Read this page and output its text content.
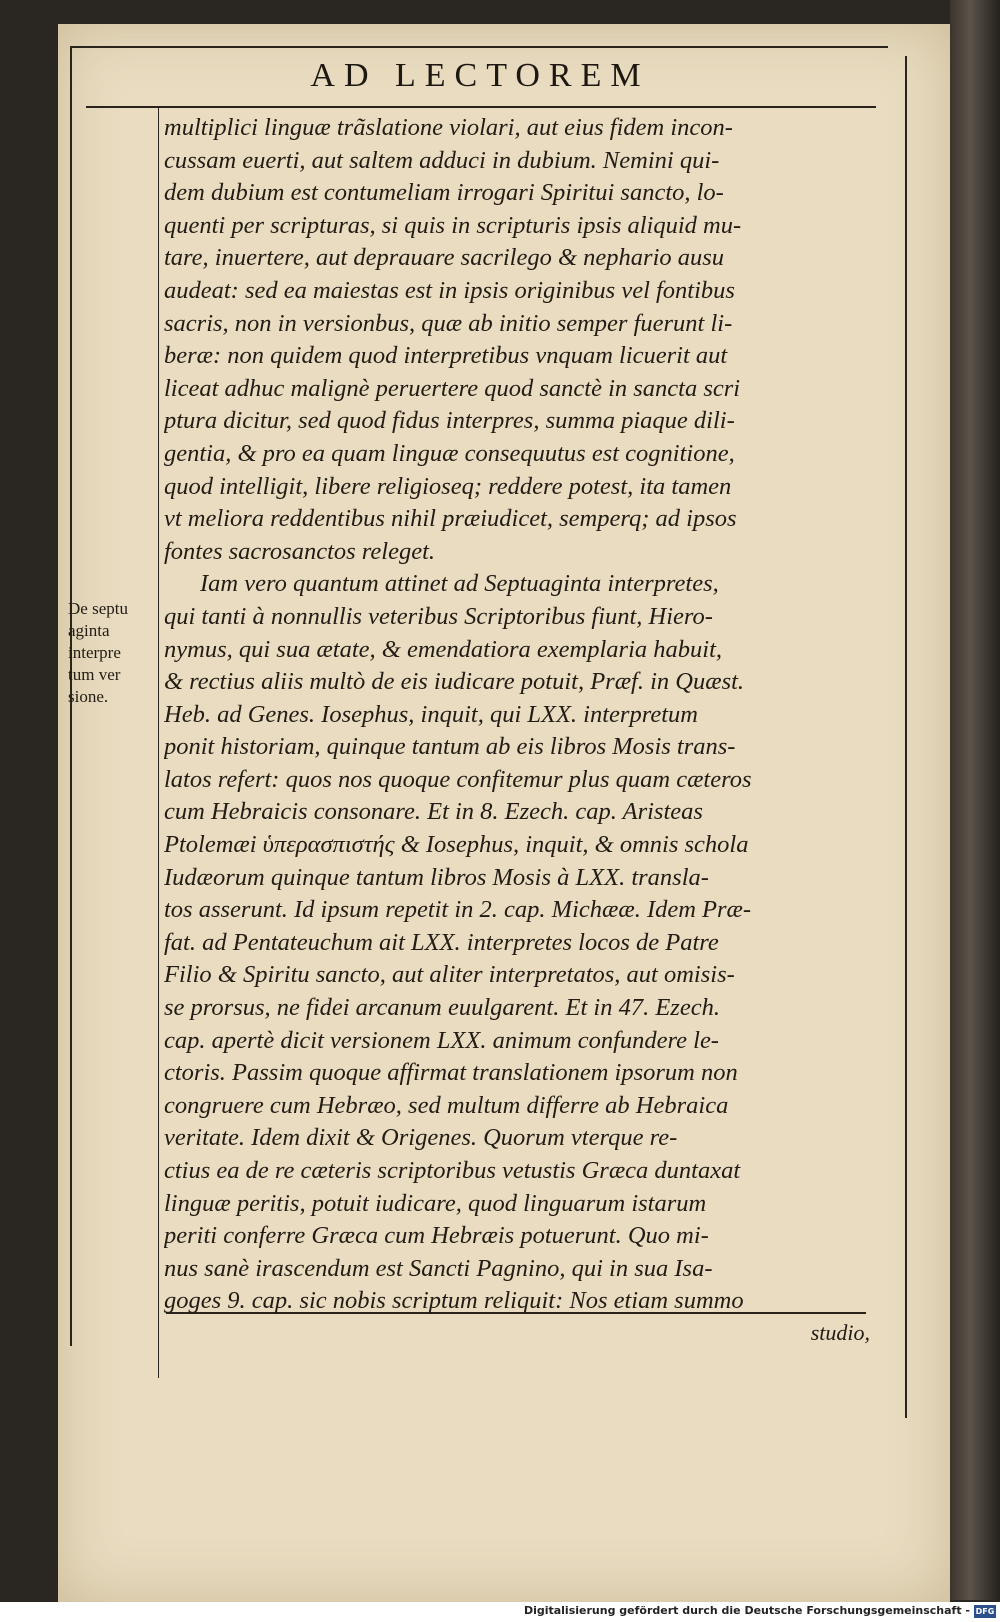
AD LECTOREM
multiplici linguæ trãslatione violari, aut eius fidem incon-
cussam euerti, aut saltem adduci in dubium. Nemini qui-
dem dubium est contumeliam irrogari Spiritui sancto, lo-
quenti per scripturas, si quis in scripturis ipsis aliquid mu-
tare, inuertere, aut deprauare sacrilego & nephario ausu
audeat: sed ea maiestas est in ipsis originibus vel fontibus
sacris, non in versionbus, quæ ab initio semper fuerunt li-
beræ: non quidem quod interpretibus vnquam licuerit aut
liceat adhuc malignè peruertere quod sanctè in sancta scri
ptura dicitur, sed quod fidus interpres, summa piaque dili-
gentia, & pro ea quam linguæ consequutus est cognitione,
quod intelligit, libere religioseq; reddere potest, ita tamen
vt meliora reddentibus nihil præiudicet, semperq; ad ipsos
fontes sacrosanctos releget.
Iam vero quantum attinet ad Septuaginta interpretes,
qui tanti à nonnullis veteribus Scriptoribus fiunt, Hiero-
nymus, qui sua ætate, & emendatiora exemplaria habuit,
& rectius aliis multò de eis iudicare potuit, Præf. in Quæst.
Heb. ad Genes. Iosephus, inquit, qui LXX. interpretum
ponit historiam, quinque tantum ab eis libros Mosis trans-
latos refert: quos nos quoque confitemur plus quam cæteros
cum Hebraicis consonare. Et in 8. Ezech. cap. Aristeas
Ptolemæi ὑπερασπιστής & Iosephus, inquit, & omnis schola
Iudæorum quinque tantum libros Mosis à LXX. transla-
tos asserunt. Id ipsum repetit in 2. cap. Michææ. Idem Præ-
fat. ad Pentateuchum ait LXX. interpretes locos de Patre
Filio & Spiritu sancto, aut aliter interpretatos, aut omisis-
se prorsus, ne fidei arcanum euulgarent. Et in 47. Ezech.
cap. apertè dicit versionem LXX. animum confundere le-
ctoris. Passim quoque affirmat translationem ipsorum non
congruere cum Hebræo, sed multum differre ab Hebraica
veritate. Idem dixit & Origenes. Quorum vterque re-
ctius ea de re cæteris scriptoribus vetustis Græca duntaxat
linguæ peritis, potuit iudicare, quod linguarum istarum
periti conferre Græca cum Hebræis potuerunt. Quo mi-
nus sanè irascendum est Sancti Pagnino, qui in sua Isa-
goges 9. cap. sic nobis scriptum reliquit: Nos etiam summo
De septu
aginta
interpre
tum ver
sione.
studio,
Digitalisierung gefördert durch die Deutsche Forschungsgemeinschaft - DFG
